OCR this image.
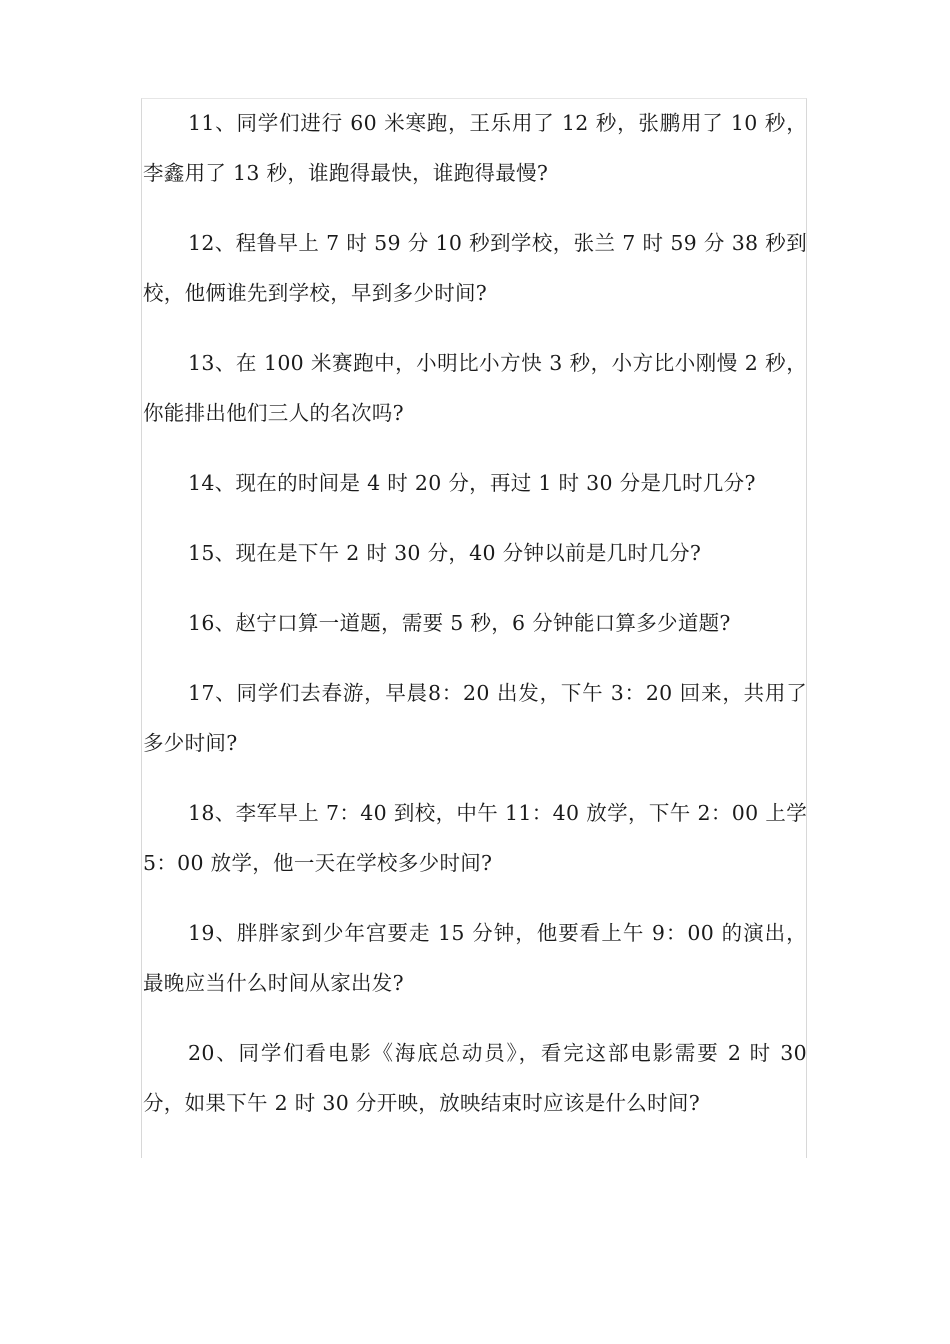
11、同学们进行 60 米寒跑，王乐用了 12 秒，张鹏用了 10 秒，李鑫用了 13 秒，谁跑得最快，谁跑得最慢?

12、程鲁早上 7 时 59 分 10 秒到学校，张兰 7 时 59 分 38 秒到校，他俩谁先到学校，早到多少时间?

13、在 100 米赛跑中，小明比小方快 3 秒，小方比小刚慢 2 秒，你能排出他们三人的名次吗?

14、现在的时间是 4 时 20 分，再过 1 时 30 分是几时几分?

15、现在是下午 2 时 30 分，40 分钟以前是几时几分?

16、赵宁口算一道题，需要 5 秒，6 分钟能口算多少道题?

17、同学们去春游，早晨8：20 出发，下午 3：20 回来，共用了多少时间?

18、李军早上 7：40 到校，中午 11：40 放学，下午 2：00 上学 5：00 放学，他一天在学校多少时间?

19、胖胖家到少年宫要走 15 分钟，他要看上午 9：00 的演出，最晚应当什么时间从家出发?

20、同学们看电影《海底总动员》，看完这部电影需要 2 时 30 分，如果下午 2 时 30 分开映，放映结束时应该是什么时间?
